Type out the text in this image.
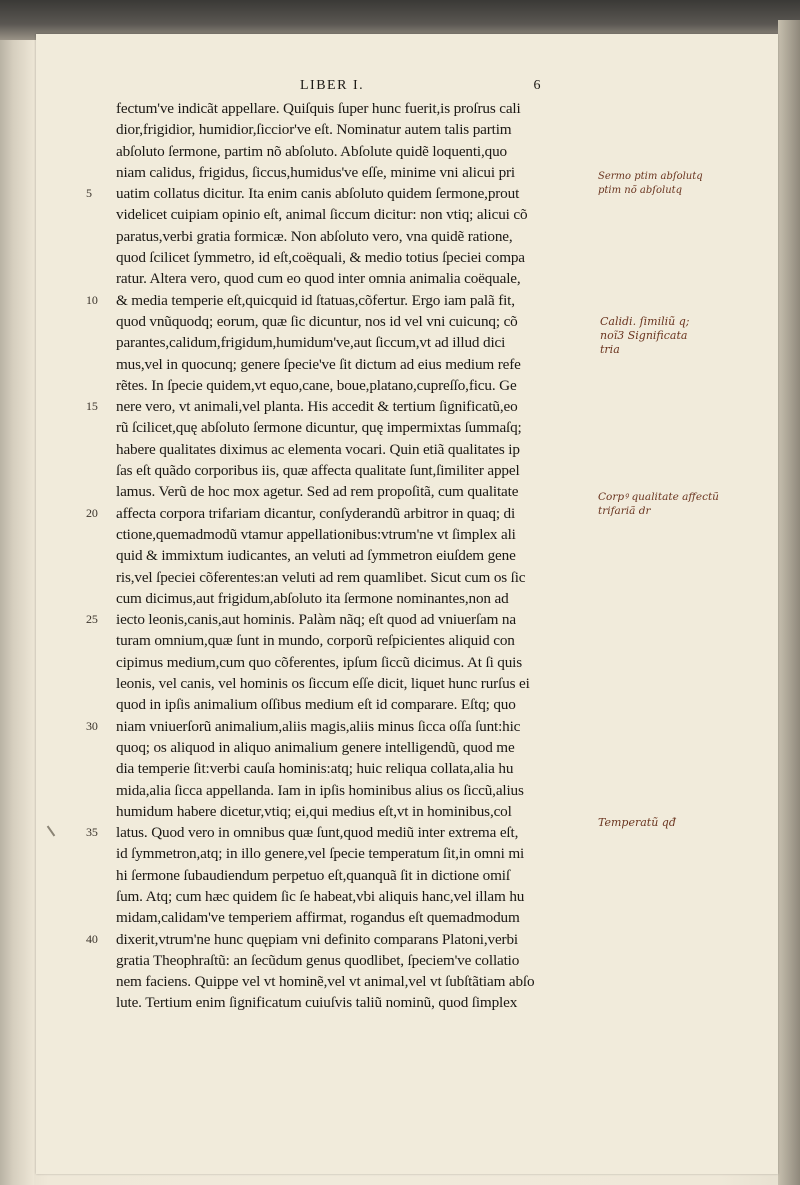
LIBER I.	6
fectum've indicãt appellare. Quiſquis ſuper hunc fuerit,is proſrus cali
dior,frigidior, humidior,ſiccior've eſt. Nominatur autem talis partim
abſoluto ſermone, partim nõ abſoluto. Abſolute quidẽ loquenti,quo
niam calidus, frigidus, ſiccus,humidus've eſſe, minime vni alicui pri
5 uatim collatus dicitur. Ita enim canis abſoluto quidem ſermone,prout
videlicet cuipiam opinio eſt, animal ſiccum dicitur: non vtiq; alicui cõ
paratus,verbi gratia formicæ. Non abſoluto vero, vna quidẽ ratione,
quod ſcilicet ſymmetro, id eſt,coëquali, & medio totius ſpeciei compa
ratur. Altera vero, quod cum eo quod inter omnia animalia coëquale,
10 & media temperie eſt,quicquid id ſtatuas,cõfertur. Ergo iam palã fit,
quod vnũquodq; eorum, quæ ſic dicuntur, nos id vel vni cuicunq; cõ
parantes,calidum,frigidum,humidum've,aut ſiccum,vt ad illud dici
mus,vel in quocunq; genere ſpecie've ſit dictum ad eius medium refe
rẽtes. In ſpecie quidem,vt equo,cane, boue,platano,cupreſſo,ficu. Ge
15 nere vero, vt animali,vel planta. His accedit & tertium ſignificatũ,eo
rũ ſcilicet,quę abſoluto ſermone dicuntur, quę impermixtas ſummaſq;
habere qualitates diximus ac elementa vocari. Quin etiã qualitates ip
ſas eſt quãdo corporibus iis, quæ affecta qualitate ſunt,ſimiliter appel
lamus. Verũ de hoc mox agetur. Sed ad rem propoſitã, cum qualitate
20 affecta corpora trifariam dicantur, conſyderandũ arbitror in quaq; di
ctione,quemadmodũ vtamur appellationibus:vtrum'ne vt ſimplex ali
quid & immixtum iudicantes, an veluti ad ſymmetron eiuſdem gene
ris,vel ſpeciei cõferentes:an veluti ad rem quamlibet. Sicut cum os ſic
cum dicimus,aut frigidum,abſoluto ita ſermone nominantes,non ad
25 iecto leonis,canis,aut hominis. Palàm nãq; eſt quod ad vniuerſam na
turam omnium,quæ ſunt in mundo, corporũ reſpicientes aliquid con
cipimus medium,cum quo cõferentes, ipſum ſiccũ dicimus. At ſi quis
leonis, vel canis, vel hominis os ſiccum eſſe dicit, liquet hunc rurſus ei
quod in ipſis animalium oſſibus medium eſt id comparare. Eſtq; quo
30 niam vniuerſorũ animalium,aliis magis,aliis minus ſicca oſſa ſunt:hic
quoq; os aliquod in aliquo animalium genere intelligendũ, quod me
dia temperie ſit:verbi cauſa hominis:atq; huic reliqua collata,alia hu
mida,alia ſicca appellanda. Iam in ipſis hominibus alius os ſiccũ,alius
humidum habere dicetur,vtiq; ei,qui medius eſt,vt in hominibus,col
35 latus. Quod vero in omnibus quæ ſunt,quod mediũ inter extrema eſt,
id ſymmetron,atq; in illo genere,vel ſpecie temperatum ſit,in omni mi
hi ſermone ſubaudiendum perpetuo eſt,quanquã ſit in dictione omiſ
ſum. Atq; cum hæc quidem ſic ſe habeat,vbi aliquis hanc,vel illam hu
midam,calidam've temperiem affirmat, rogandus eſt quemadmodum
40 dixerit,vtrum'ne hunc quępiam vni definito comparans Platoni,verbi
gratia Theophraſtũ: an ſecũdum genus quodlibet, ſpeciem've collatio
nem faciens. Quippe vel vt hominẽ,vel vt animal,vel vt ſubſtãtiam abſo
lute. Tertium enim ſignificatum cuiuſvis taliũ nominũ, quod ſimplex
Sermo ptim abſolutq
ptim nõ abſolutq
Calidi. ſimiliũ q;
noĩ3 Significata
tria
Corpꝰ qualitate affectũ
trifariã dr
Temperatũ qđ
